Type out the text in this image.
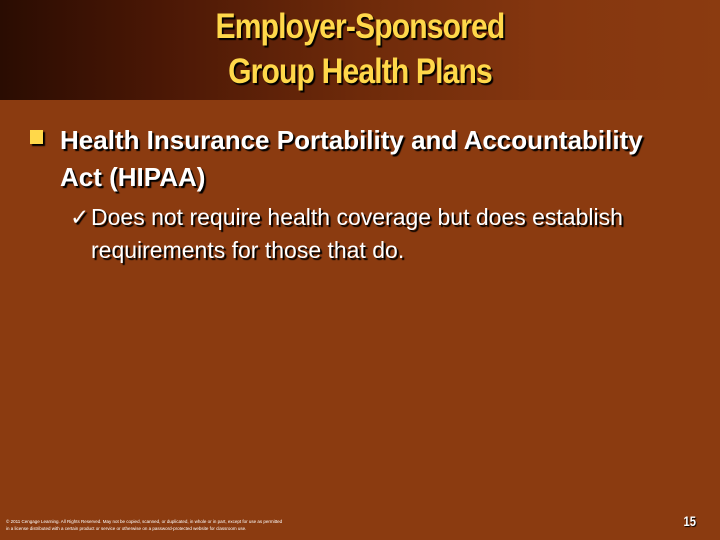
Employer-Sponsored
Group Health Plans
Health Insurance Portability and Accountability Act (HIPAA)
✓ Does not require health coverage but does establish requirements for those that do.
© 2011 Cengage Learning. All Rights Reserved. May not be copied, scanned, or duplicated, in whole or in part, except for use as permitted
in a license distributed with a certain product or service or otherwise on a password-protected website for classroom use.	15
